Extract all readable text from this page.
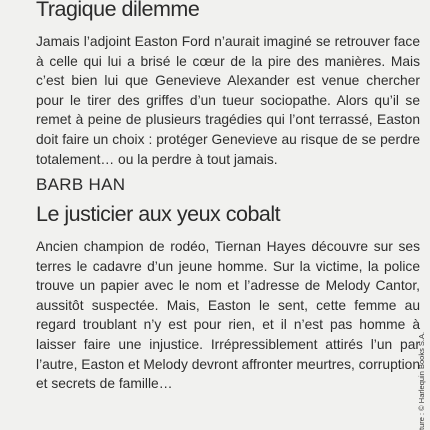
Tragique dilemme

Jamais l’adjoint Easton Ford n’aurait imaginé se retrouver face à celle qui lui a brisé le cœur de la pire des manières. Mais c’est bien lui que Genevieve Alexander est venue chercher pour le tirer des griffes d’un tueur sociopathe. Alors qu’il se remet à peine de plusieurs tragédies qui l’ont terrassé, Easton doit faire un choix : protéger Genevieve au risque de se perdre totalement… ou la perdre à tout jamais.

BARB HAN
Le justicier aux yeux cobalt

Ancien champion de rodéo, Tiernan Hayes découvre sur ses terres le cadavre d’un jeune homme. Sur la victime, la police trouve un papier avec le nom et l’adresse de Melody Cantor, aussitôt suspectée. Mais, Easton le sent, cette femme au regard troublant n’y est pour rien, et il n’est pas homme à laisser faire une injustice. Irrépressiblement attirés l’un par l’autre, Easton et Melody devront affronter meurtres, corruption et secrets de famille…	ture : © Harlequin Books S.A.
